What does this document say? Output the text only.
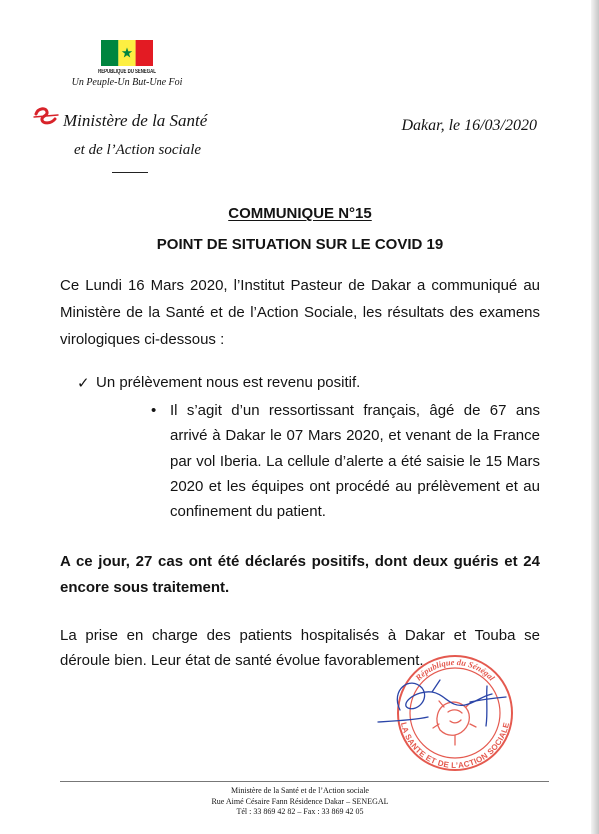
REPUBLIQUE DU SENEGAL
Un Peuple-Un But-Une Foi
Ministère de la Santé
et de l’Action sociale
Dakar, le 16/03/2020
COMMUNIQUE N°15
POINT DE SITUATION SUR LE COVID 19
Ce Lundi 16 Mars 2020, l’Institut Pasteur de Dakar a communiqué au
Ministère de la Santé et de l’Action Sociale, les résultats des examens
virologiques ci-dessous :
✓ Un prélèvement nous est revenu positif.
• Il s’agit d’un ressortissant français, âgé de 67 ans
arrivé à Dakar le 07 Mars 2020, et venant de la France
par vol Iberia. La cellule d’alerte a été saisie le 15 Mars
2020 et les équipes ont procédé au prélèvement et au
confinement du patient.
A ce jour, 27 cas ont été déclarés positifs, dont deux guéris et 24
encore sous traitement.
La prise en charge des patients hospitalisés à Dakar et Touba se
déroule bien. Leur état de santé évolue favorablement.
République du Sénégal
LA SANTE ET DE L’ACTION SOCIALE
Ministère de la Santé et de l’Action sociale
Rue Aimé Césaire Fann Résidence Dakar – SENEGAL
Tél : 33 869 42 82 – Fax : 33 869 42 05
